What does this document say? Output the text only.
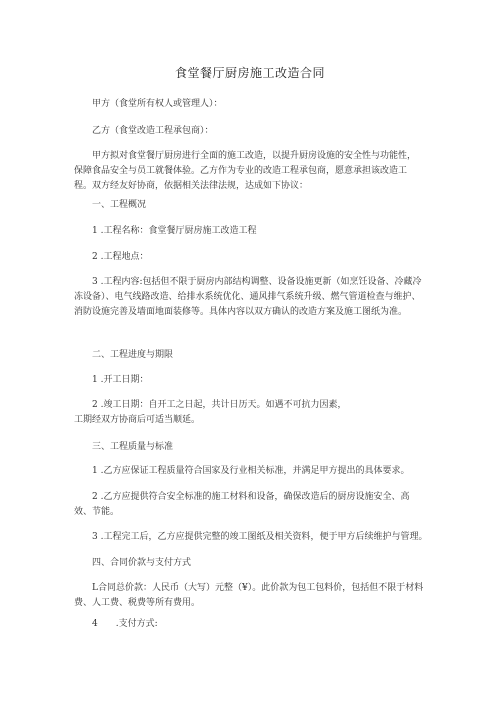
食堂餐厅厨房施工改造合同

甲方（食堂所有权人或管理人）：

乙方（食堂改造工程承包商）：

甲方拟对食堂餐厅厨房进行全面的施工改造，以提升厨房设施的安全性与功能性，保障食品安全与员工就餐体验。乙方作为专业的改造工程承包商，愿意承担该改造工程。双方经友好协商，依据相关法律法规，达成如下协议：

一、工程概况

1 .工程名称：食堂餐厅厨房施工改造工程

2 .工程地点：

3 .工程内容:包括但不限于厨房内部结构调整、设备设施更新（如烹饪设备、冷藏冷冻设备）、电气线路改造、给排水系统优化、通风排气系统升级、燃气管道检查与维护、消防设施完善及墙面地面装修等。具体内容以双方确认的改造方案及施工图纸为准。

二、工程进度与期限

1 .开工日期：

2 .竣工日期：自开工之日起，共计日历天。如遇不可抗力因素，

工期经双方协商后可适当顺延。

三、工程质量与标准

1 .乙方应保证工程质量符合国家及行业相关标准，并满足甲方提出的具体要求。

2 .乙方应提供符合安全标准的施工材料和设备，确保改造后的厨房设施安全、高效、节能。

3 .工程完工后，乙方应提供完整的竣工图纸及相关资料，便于甲方后续维护与管理。

四、合同价款与支付方式

L合同总价款：人民币（大写）元整（¥）。此价款为包工包料价，包括但不限于材料费、人工费、税费等所有费用。

4　　.支付方式:
